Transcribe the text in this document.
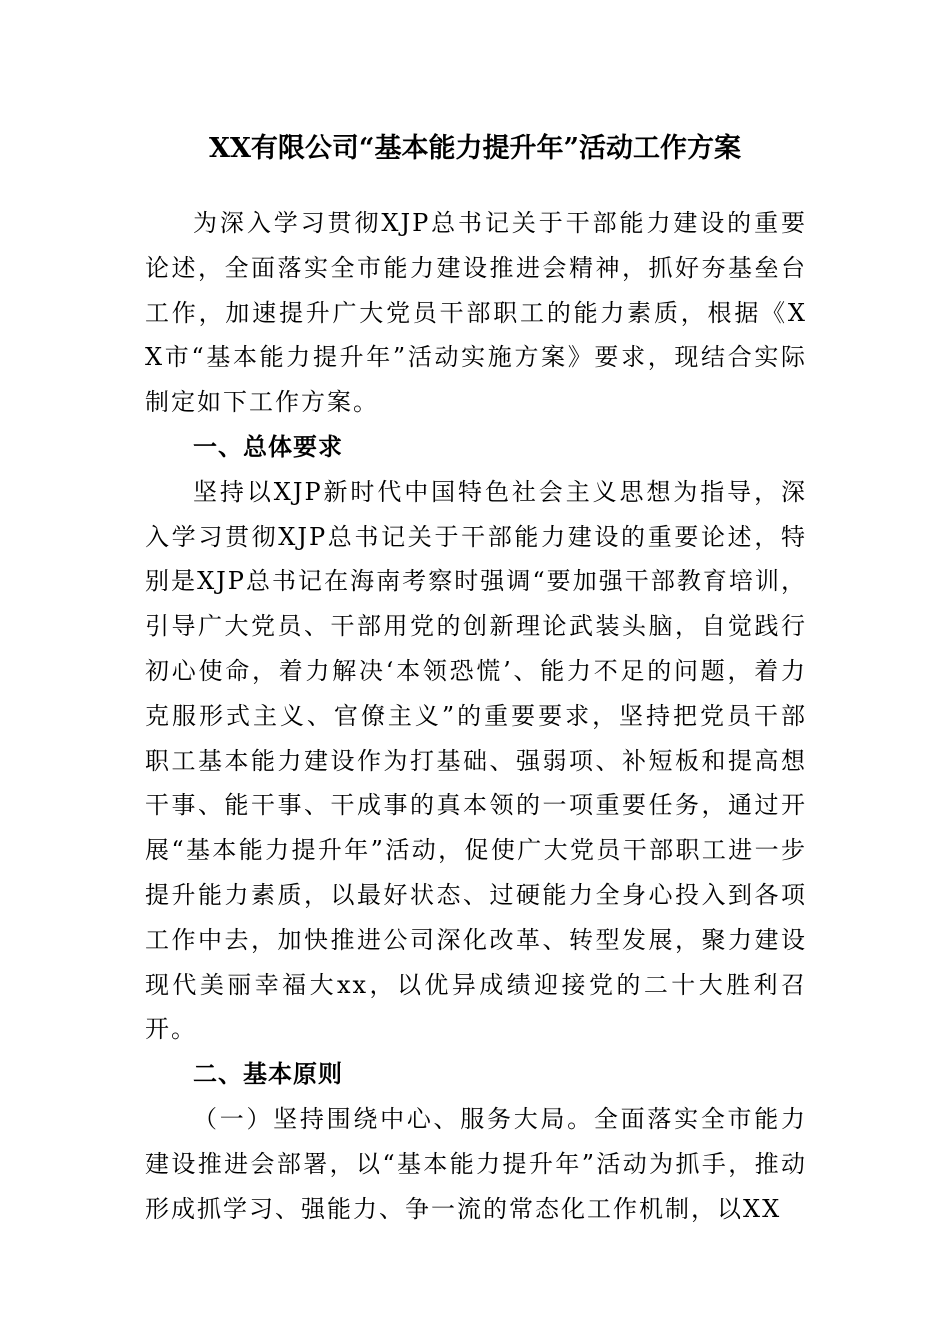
XX有限公司“基本能力提升年”活动工作方案

为深入学习贯彻XJP总书记关于干部能力建设的重要论述，全面落实全市能力建设推进会精神，抓好夯基垒台工作，加速提升广大党员干部职工的能力素质，根据《XX市“基本能力提升年”活动实施方案》要求，现结合实际制定如下工作方案。

一、总体要求

坚持以XJP新时代中国特色社会主义思想为指导，深入学习贯彻XJP总书记关于干部能力建设的重要论述，特别是XJP总书记在海南考察时强调“要加强干部教育培训，引导广大党员、干部用党的创新理论武装头脑，自觉践行初心使命，着力解决‘本领恐慌’、能力不足的问题，着力克服形式主义、官僚主义”的重要要求，坚持把党员干部职工基本能力建设作为打基础、强弱项、补短板和提高想干事、能干事、干成事的真本领的一项重要任务，通过开展“基本能力提升年”活动，促使广大党员干部职工进一步提升能力素质，以最好状态、过硬能力全身心投入到各项工作中去，加快推进公司深化改革、转型发展，聚力建设现代美丽幸福大xx，以优异成绩迎接党的二十大胜利召开。

二、基本原则

（一）坚持围绕中心、服务大局。全面落实全市能力建设推进会部署，以“基本能力提升年”活动为抓手，推动形成抓学习、强能力、争一流的常态化工作机制，以XX
